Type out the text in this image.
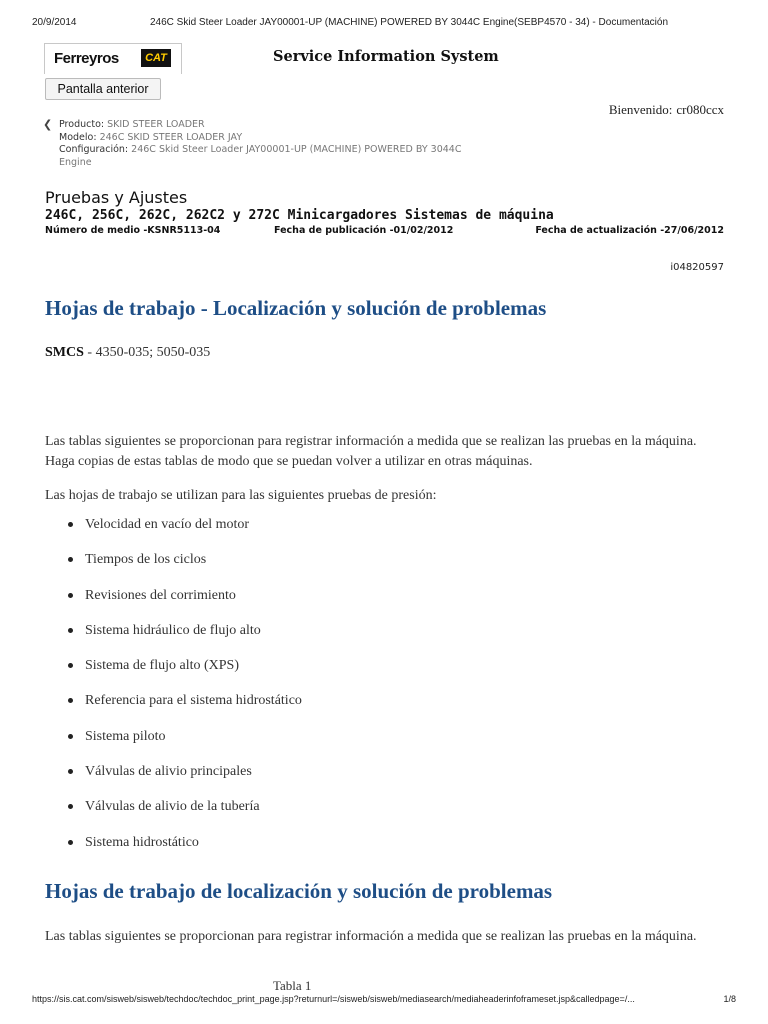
20/9/2014	246C Skid Steer Loader JAY00001-UP (MACHINE) POWERED BY 3044C Engine(SEBP4570 - 34) - Documentación
Ferreyros	CAT	Service Information System
Pantalla anterior
Bienvenido: cr080ccx
❮ Producto: SKID STEER LOADER
Modelo: 246C SKID STEER LOADER JAY
Configuración: 246C Skid Steer Loader JAY00001-UP (MACHINE) POWERED BY 3044C Engine
Pruebas y Ajustes
246C, 256C, 262C, 262C2 y 272C Minicargadores Sistemas de máquina
Número de medio -KSNR5113-04	Fecha de publicación -01/02/2012	Fecha de actualización -27/06/2012
i04820597
Hojas de trabajo - Localización y solución de problemas
SMCS - 4350-035; 5050-035
Las tablas siguientes se proporcionan para registrar información a medida que se realizan las pruebas en la máquina. Haga copias de estas tablas de modo que se puedan volver a utilizar en otras máquinas.
Las hojas de trabajo se utilizan para las siguientes pruebas de presión:
Velocidad en vacío del motor
Tiempos de los ciclos
Revisiones del corrimiento
Sistema hidráulico de flujo alto
Sistema de flujo alto (XPS)
Referencia para el sistema hidrostático
Sistema piloto
Válvulas de alivio principales
Válvulas de alivio de la tubería
Sistema hidrostático
Hojas de trabajo de localización y solución de problemas
Las tablas siguientes se proporcionan para registrar información a medida que se realizan las pruebas en la máquina.
Tabla 1
https://sis.cat.com/sisweb/sisweb/techdoc/techdoc_print_page.jsp?returnurl=/sisweb/sisweb/mediasearch/mediaheaderinfoframeset.jsp&calledpage=/...	1/8
